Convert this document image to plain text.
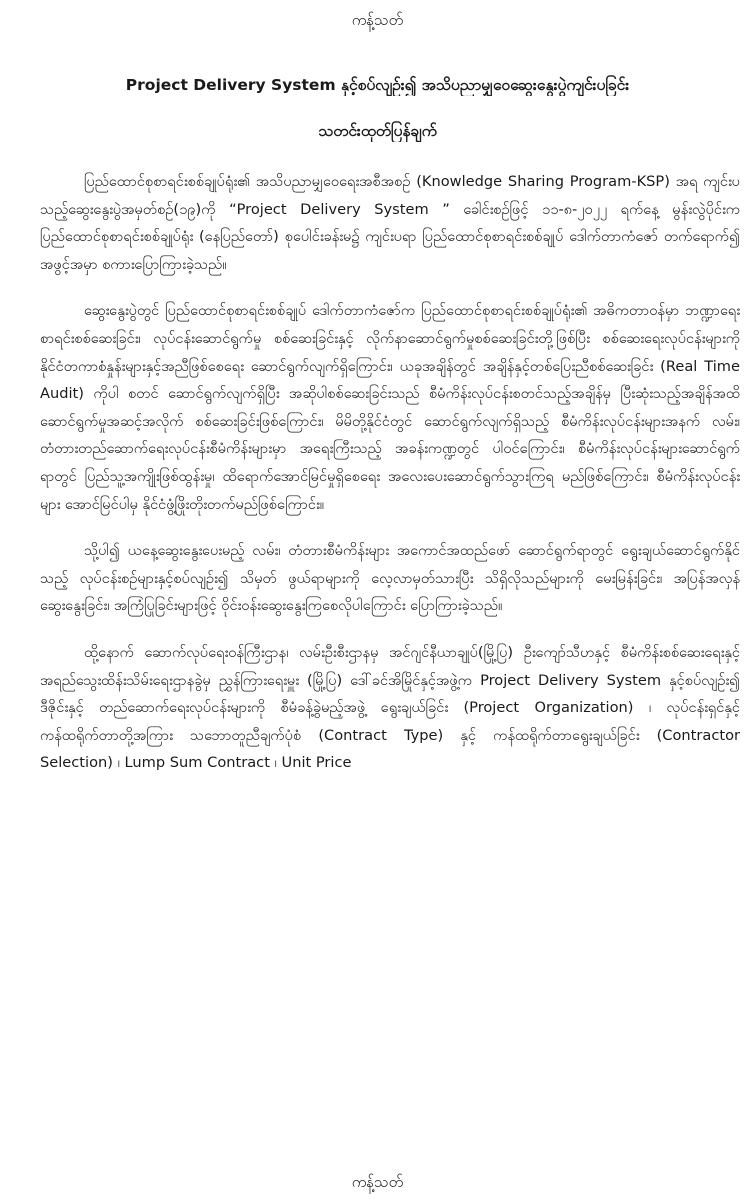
ကန့်သတ်
Project Delivery System နှင့်စပ်လျဉ်း၍ အသိပညာမျှဝေဆွေးနွေးပွဲကျင်းပခြင်း
သတင်းထုတ်ပြန်ချက်

ပြည်ထောင်စုစာရင်းစစ်ချုပ်ရုံး၏ အသိပညာမျှဝေရေးအစီအစဉ် (Knowledge Sharing Program-KSP) အရ ကျင်းပသည့်ဆွေးနွေးပွဲအမှတ်စဉ်(၁၉)ကို “Project Delivery System ” ခေါင်းစဉ်ဖြင့် ၁၁-၈-၂၀၂၂ ရက်နေ့ မွန်းလွဲပိုင်းက ပြည်ထောင်စုစာရင်းစစ်ချုပ်ရုံး (နေပြည်တော်) စုပေါင်းခန်းမ၌ ကျင်းပရာ ပြည်ထောင်စုစာရင်းစစ်ချုပ် ဒေါက်တာကံဇော် တက်ရောက်၍ အဖွင့်အမှာ စကားပြောကြားခဲ့သည်။

ဆွေးနွေးပွဲတွင် ပြည်ထောင်စုစာရင်းစစ်ချုပ် ဒေါက်တာကံဇော်က ပြည်ထောင်စုစာရင်းစစ်ချုပ်ရုံး၏ အဓိကတာဝန်မှာ ဘဏ္ဍာရေးစာရင်းစစ်ဆေးခြင်း၊ လုပ်ငန်းဆောင်ရွက်မှု စစ်ဆေးခြင်းနှင့် လိုက်နာဆောင်ရွက်မှုစစ်ဆေးခြင်းတို့ဖြစ်ပြီး စစ်ဆေးရေးလုပ်ငန်းများကို နိုင်ငံတကာစံနှုန်းများနှင့်အညီဖြစ်စေရေး ဆောင်ရွက်လျက်ရှိကြောင်း၊ ယခုအချိန်တွင် အချိန်နှင့်တစ်ပြေးညီစစ်ဆေးခြင်း (Real Time Audit) ကိုပါ စတင် ဆောင်ရွက်လျက်ရှိပြီး အဆိုပါစစ်ဆေးခြင်းသည် စီမံကိန်းလုပ်ငန်းစတင်သည့်အချိန်မှ ပြီးဆုံးသည့်အချိန်အထိ ဆောင်ရွက်မှုအဆင့်အလိုက် စစ်ဆေးခြင်းဖြစ်ကြောင်း၊ မိမိတို့နိုင်ငံတွင် ဆောင်ရွက်လျက်ရှိသည့် စီမံကိန်းလုပ်ငန်းများအနက် လမ်း၊ တံတားတည်ဆောက်ရေးလုပ်ငန်းစီမံကိန်းများမှာ အရေးကြီးသည့် အခန်းကဏ္ဍတွင် ပါဝင်ကြောင်း၊ စီမံကိန်းလုပ်ငန်းများဆောင်ရွက်ရာတွင် ပြည်သူ့အကျိုးဖြစ်ထွန်းမှု၊ ထိရောက်အောင်မြင်မှုရှိစေရေး အလေးပေးဆောင်ရွက်သွားကြရ မည်ဖြစ်ကြောင်း၊ စီမံကိန်းလုပ်ငန်းများ အောင်မြင်ပါမှ နိုင်ငံဖွံ့ဖြိုးတိုးတက်မည်ဖြစ်ကြောင်း။

သို့ပါ၍ ယနေ့ဆွေးနွေးပေးမည့် လမ်း၊ တံတားစီမံကိန်းများ အကောင်အထည်ဖော် ဆောင်ရွက်ရာတွင် ရွေးချယ်ဆောင်ရွက်နိုင်သည့် လုပ်ငန်းစဉ်များနှင့်စပ်လျဉ်း၍ သိမှတ် ဖွယ်ရာများကို လေ့လာမှတ်သားပြီး သိရှိလိုသည်များကို မေးမြန်းခြင်း၊ အပြန်အလှန် ဆွေးနွေးခြင်း၊ အကြံပြုခြင်းများဖြင့် ဝိုင်းဝန်းဆွေးနွေးကြစေလိုပါကြောင်း ပြောကြားခဲ့သည်။

ထို့နောက် ဆောက်လုပ်ရေးဝန်ကြီးဌာန၊ လမ်းဦးစီးဌာနမှ အင်ဂျင်နီယာချုပ်(မြို့ပြ) ဦးကျော်သီဟနှင့် စီမံကိန်းစစ်ဆေးရေးနှင့် အရည်သွေးထိန်းသိမ်းရေးဌာနခွဲမှ ညွှန်ကြားရေးမှူး (မြို့ပြ) ဒေါ်ခင်အိမြိုင်နှင့်အဖွဲ့က Project Delivery System နှင့်စပ်လျဉ်း၍ ဒီဇိုင်းနှင့် တည်ဆောက်ရေးလုပ်ငန်းများကို စီမံခန့်ခွဲမည့်အဖွဲ့ ရွေးချယ်ခြင်း (Project Organization) ၊ လုပ်ငန်းရှင်နှင့် ကန်ထရိုက်တာတို့အကြား သဘောတူညီချက်ပုံစံ (Contract Type) နှင့် ကန်ထရိုက်တာရွေးချယ်ခြင်း (Contractor Selection) ၊ Lump Sum Contract ၊ Unit Price

ကန့်သတ်
